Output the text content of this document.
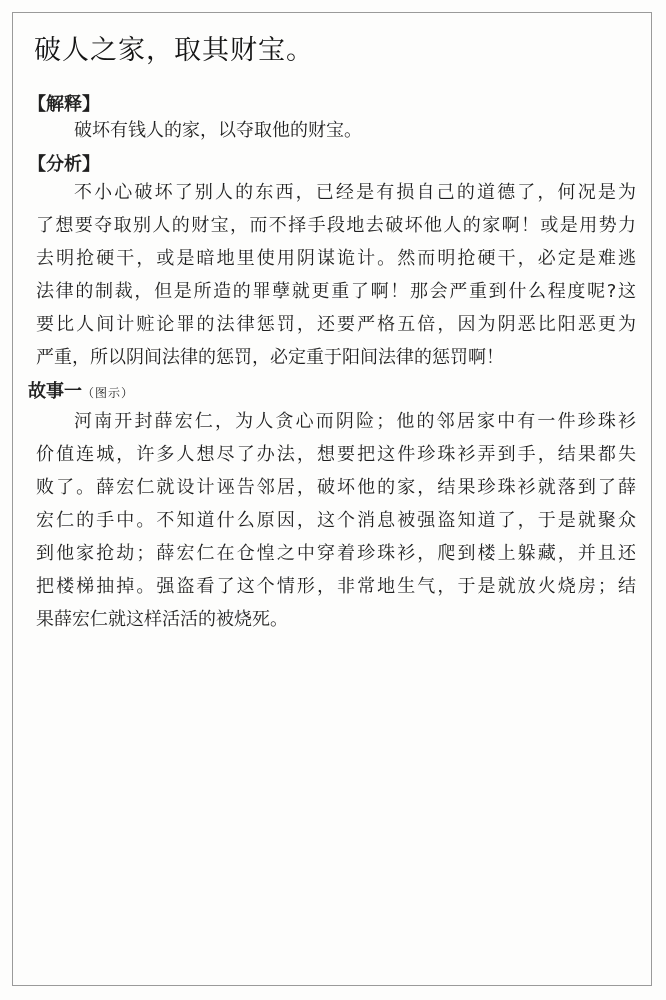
破人之家，取其财宝。
【解释】
破坏有钱人的家，以夺取他的财宝。
【分析】
不小心破坏了别人的东西，已经是有损自己的道德了，何况是为
了想要夺取别人的财宝，而不择手段地去破坏他人的家啊！或是用势力
去明抢硬干，或是暗地里使用阴谋诡计。然而明抢硬干，必定是难逃
法律的制裁，但是所造的罪孽就更重了啊！那会严重到什么程度呢?这
要比人间计赃论罪的法律惩罚，还要严格五倍，因为阴恶比阳恶更为
严重，所以阴间法律的惩罚，必定重于阳间法律的惩罚啊！
故事一（图示）
河南开封薛宏仁，为人贪心而阴险；他的邻居家中有一件珍珠衫
价值连城，许多人想尽了办法，想要把这件珍珠衫弄到手，结果都失
败了。薛宏仁就设计诬告邻居，破坏他的家，结果珍珠衫就落到了薛
宏仁的手中。不知道什么原因，这个消息被强盗知道了，于是就聚众
到他家抢劫；薛宏仁在仓惶之中穿着珍珠衫，爬到楼上躲藏，并且还
把楼梯抽掉。强盗看了这个情形，非常地生气，于是就放火烧房；结
果薛宏仁就这样活活的被烧死。
